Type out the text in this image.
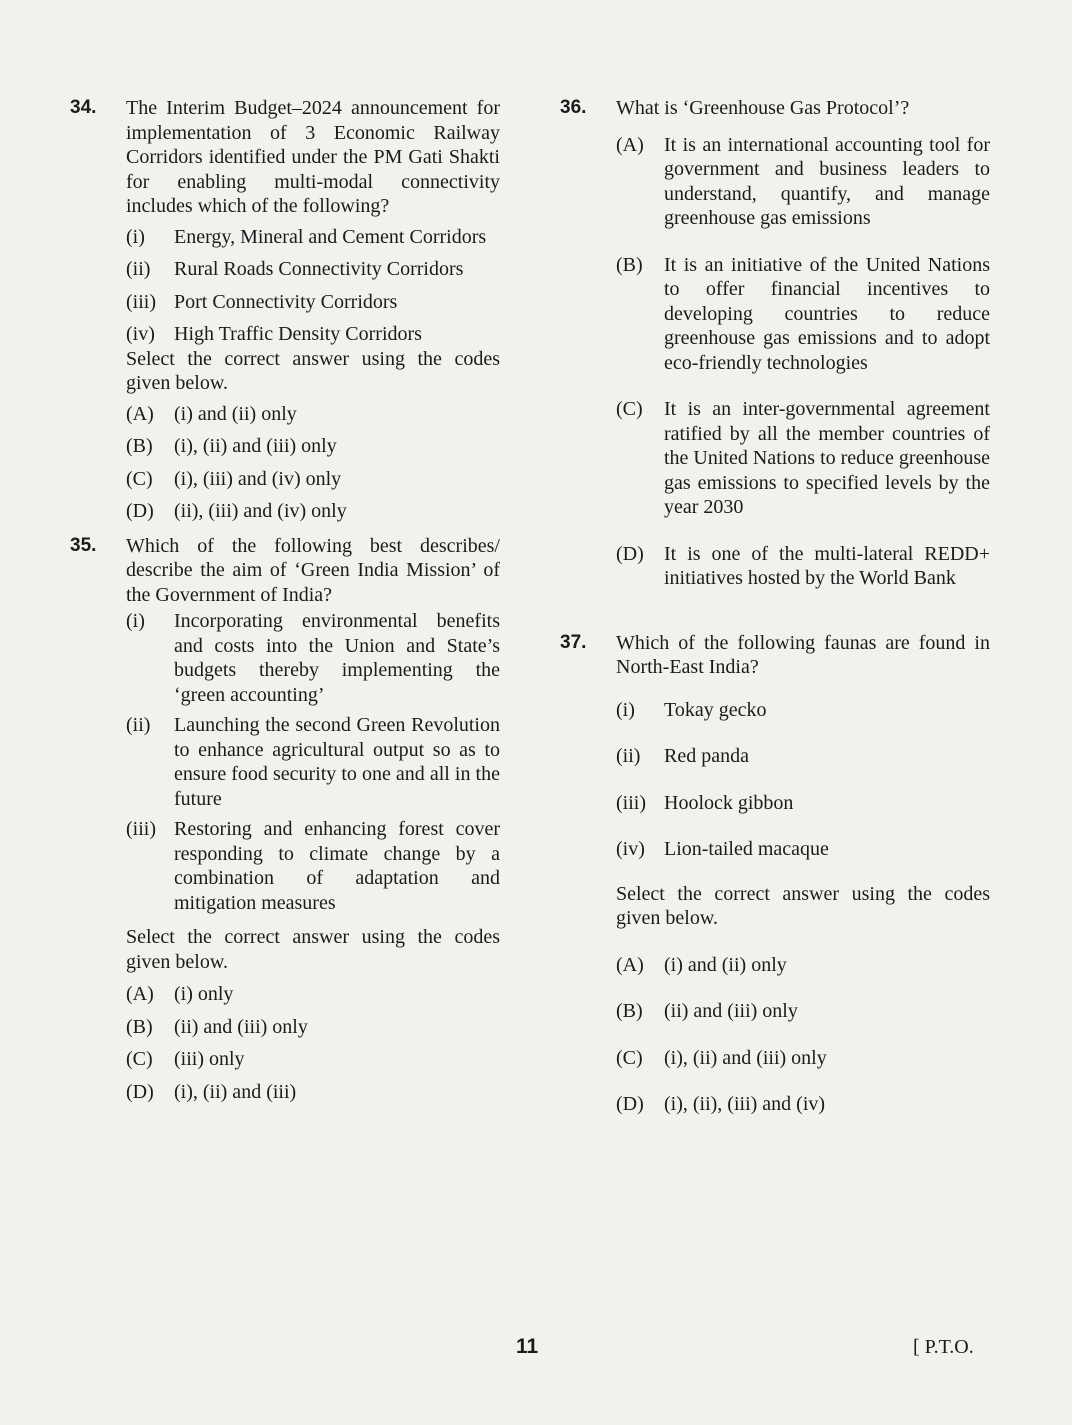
34.	The Interim Budget–2024 announcement for implementation of 3 Economic Railway Corridors identified under the PM Gati Shakti for enabling multi-modal connectivity includes which of the following?
(i)	Energy, Mineral and Cement Corridors
(ii)	Rural Roads Connectivity Corridors
(iii) Port Connectivity Corridors
(iv) High Traffic Density Corridors
Select the correct answer using the codes given below.
(A)	(i) and (ii) only
(B)	(i), (ii) and (iii) only
(C)	(i), (iii) and (iv) only
(D)	(ii), (iii) and (iv) only
35.	Which of the following best describes/ describe the aim of ‘Green India Mission’ of the Government of India?
(i)	Incorporating environmental benefits and costs into the Union and State’s budgets thereby implementing the ‘green accounting’
(ii)	Launching the second Green Revolution to enhance agricultural output so as to ensure food security to one and all in the future
(iii) Restoring and enhancing forest cover responding to climate change by a combination of adaptation and mitigation measures
Select the correct answer using the codes given below.
(A)	(i) only
(B)	(ii) and (iii) only
(C)	(iii) only
(D)	(i), (ii) and (iii)
36.	What is ‘Greenhouse Gas Protocol’?
(A)	It is an international accounting tool for government and business leaders to understand, quantify, and manage greenhouse gas emissions
(B)	It is an initiative of the United Nations to offer financial incentives to developing countries to reduce greenhouse gas emissions and to adopt eco-friendly technologies
(C)	It is an inter-governmental agreement ratified by all the member countries of the United Nations to reduce greenhouse gas emissions to specified levels by the year 2030
(D)	It is one of the multi-lateral REDD+ initiatives hosted by the World Bank
37.	Which of the following faunas are found in North-East India?
(i)	Tokay gecko
(ii)	Red panda
(iii) Hoolock gibbon
(iv) Lion-tailed macaque
Select the correct answer using the codes given below.
(A)	(i) and (ii) only
(B)	(ii) and (iii) only
(C)	(i), (ii) and (iii) only
(D)	(i), (ii), (iii) and (iv)
11	[ P.T.O.
